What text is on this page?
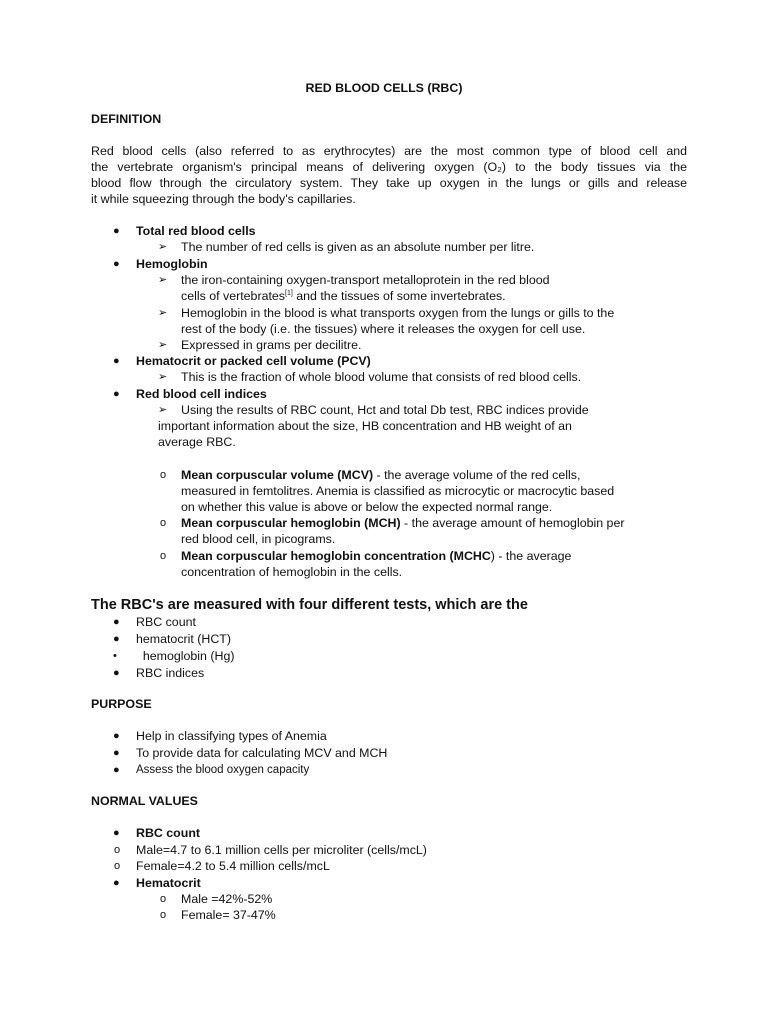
RED BLOOD CELLS (RBC)
DEFINITION
Red blood cells (also referred to as erythrocytes) are the most common type of blood cell and
the vertebrate organism's principal means of delivering oxygen (O₂) to the body tissues via the
blood flow through the circulatory system. They take up oxygen in the lungs or gills and release
it while squeezing through the body's capillaries.
● Total red blood cells
➢ The number of red cells is given as an absolute number per litre.
● Hemoglobin
➢ the iron-containing oxygen-transport metalloprotein in the red blood
cells of vertebrates[1] and the tissues of some invertebrates.
➢ Hemoglobin in the blood is what transports oxygen from the lungs or gills to the
rest of the body (i.e. the tissues) where it releases the oxygen for cell use.
➢ Expressed in grams per decilitre.
● Hematocrit or packed cell volume (PCV)
➢ This is the fraction of whole blood volume that consists of red blood cells.
● Red blood cell indices
➢ Using the results of RBC count, Hct and total Db test, RBC indices provide
important information about the size, HB concentration and HB weight of an
average RBC.
o Mean corpuscular volume (MCV) - the average volume of the red cells,
measured in femtolitres. Anemia is classified as microcytic or macrocytic based
on whether this value is above or below the expected normal range.
o Mean corpuscular hemoglobin (MCH) - the average amount of hemoglobin per
red blood cell, in picograms.
o Mean corpuscular hemoglobin concentration (MCHC) - the average
concentration of hemoglobin in the cells.
The RBC's are measured with four different tests, which are the
● RBC count
● hematocrit (HCT)
• hemoglobin (Hg)
● RBC indices
PURPOSE
● Help in classifying types of Anemia
● To provide data for calculating MCV and MCH
● Assess the blood oxygen capacity
NORMAL VALUES
● RBC count
o Male=4.7 to 6.1 million cells per microliter (cells/mcL)
o Female=4.2 to 5.4 million cells/mcL
● Hematocrit
o Male =42%-52%
o Female= 37-47%
